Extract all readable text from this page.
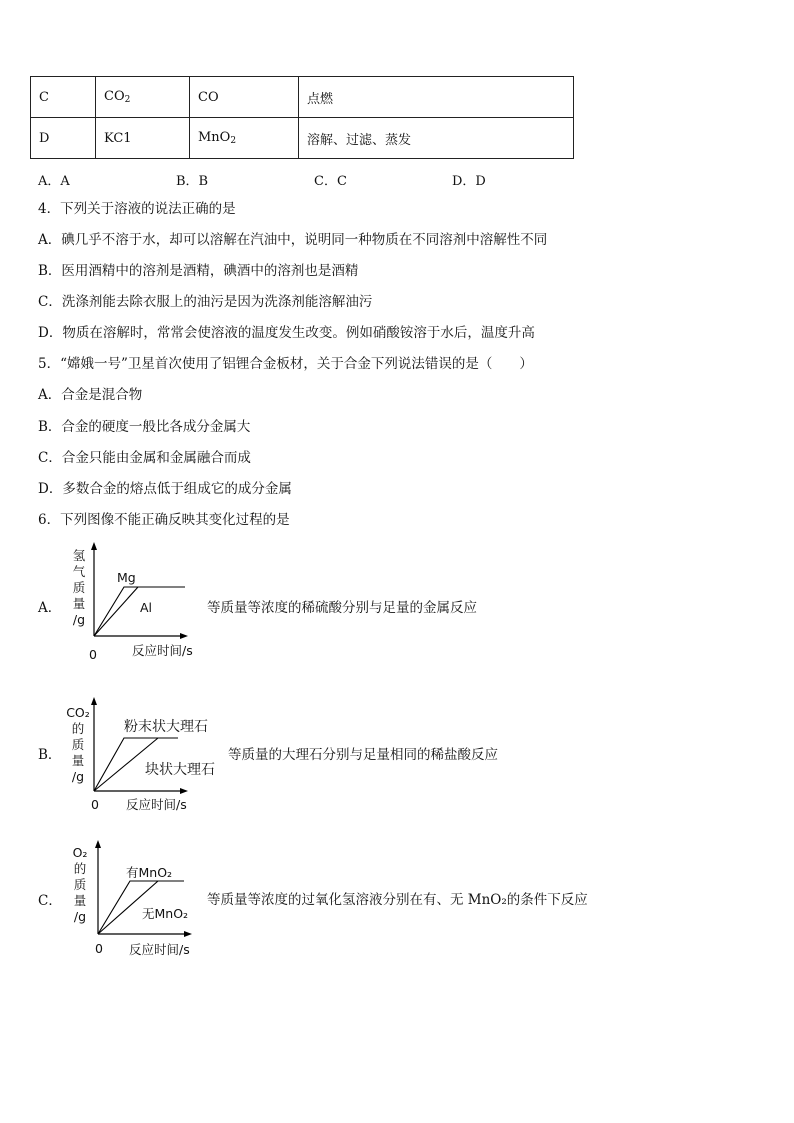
C	$CO_2$	CO	点燃
D	KC1	MnO$_2$	溶解、过滤、蒸发
A．A	B．B	C．C	D．D
4．下列关于溶液的说法正确的是
A．碘几乎不溶于水，却可以溶解在汽油中，说明同一种物质在不同溶剂中溶解性不同
B．医用酒精中的溶剂是酒精，碘酒中的溶剂也是酒精
C．洗涤剂能去除衣服上的油污是因为洗涤剂能溶解油污
D．物质在溶解时，常常会使溶液的温度发生改变。例如硝酸铵溶于水后，温度升高
5．“嫦娥一号”卫星首次使用了铝锂合金板材，关于合金下列说法错误的是（　　）
A．合金是混合物
B．合金的硬度一般比各成分金属大
C．合金只能由金属和金属融合而成
D．多数合金的熔点低于组成它的成分金属
6．下列图像不能正确反映其变化过程的是
A．
氢
气
质
量
/g
Mg
Al
0	反应时间/s
等质量等浓度的稀硫酸分别与足量的金属反应
B．
CO₂
的
质
量
/g
粉末状大理石
块状大理石
0 反应时间/s
等质量的大理石分别与足量相同的稀盐酸反应
C．
O₂
的
质
量
/g
有MnO₂
无MnO₂
0 反应时间/s
等质量等浓度的过氧化氢溶液分别在有、无 MnO₂的条件下反应
